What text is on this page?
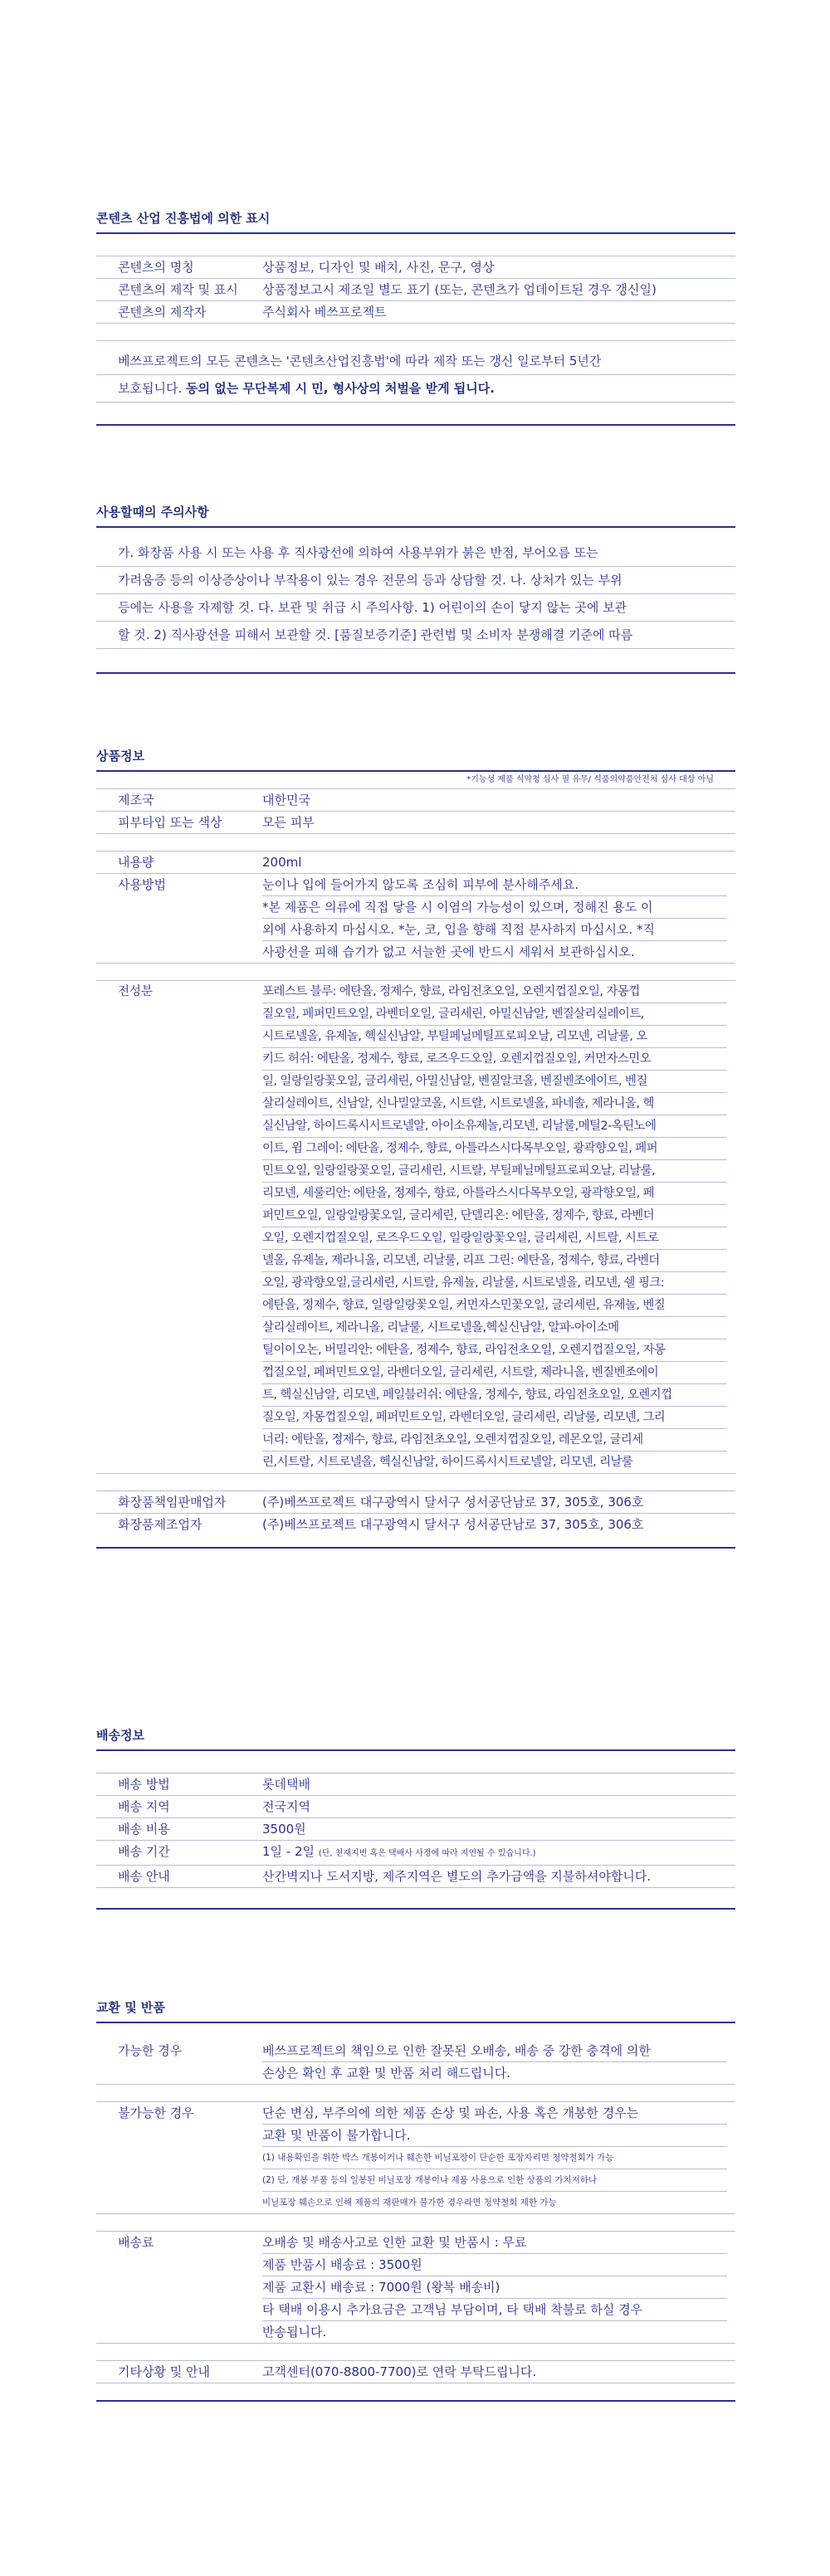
콘텐츠 산업 진흥법에 의한 표시
콘텐츠의 명칭	상품정보, 디자인 및 배치, 사진, 문구, 영상
콘텐츠의 제작 및 표시	상품정보고시 제조일 별도 표기 (또는, 콘텐츠가 업데이트된 경우 갱신일)
콘텐츠의 제작자	주식회사 베쓰프로젝트
베쓰프로젝트의 모든 콘텐츠는 '콘텐츠산업진흥법'에 따라 제작 또는 갱신 일로부터 5년간
보호됩니다. 동의 없는 무단복제 시 민, 형사상의 처벌을 받게 됩니다.
사용할때의 주의사항
가. 화장품 사용 시 또는 사용 후 직사광선에 의하여 사용부위가 붉은 반점, 부어오름 또는
가려움증 등의 이상증상이나 부작용이 있는 경우 전문의 등과 상담할 것. 나. 상처가 있는 부위
등에는 사용을 자제할 것. 다. 보관 및 취급 시 주의사항. 1) 어린이의 손이 닿지 않는 곳에 보관
할 것. 2) 직사광선을 피해서 보관할 것. [품질보증기준] 관련법 및 소비자 분쟁해결 기준에 따름
상품정보
*기능성 제품 식약청 심사 필 유무/ 식품의약품안전처 심사 대상 아님
제조국	대한민국
피부타입 또는 색상	모든 피부
내용량	200ml
사용방법	눈이나 입에 들어가지 않도록 조심히 피부에 분사해주세요.
*본 제품은 의류에 직접 닿을 시 이염의 가능성이 있으며, 정해진 용도 이
외에 사용하지 마십시오. *눈, 코, 입을 향해 직접 분사하지 마십시오. *직
사광선을 피해 습기가 없고 서늘한 곳에 반드시 세워서 보관하십시오.
전성분	포레스트 블루: 에탄올, 정제수, 향료, 라임전초오일, 오렌지껍질오일, 자몽껍
질오일, 페퍼민트오일, 라벤더오일, 글리세린, 아밀신남알, 벤질살리실레이트,
시트로넬올, 유제놀, 헥실신남알, 부틸페닐메틸프로피오날, 리모넨, 리날룰, 오
키드 허쉬: 에탄올, 정제수, 향료, 로즈우드오일, 오렌지껍질오일, 커먼자스민오
일, 일랑일랑꽃오일, 글리세린, 아밀신남알, 벤질알코올, 벤질벤조에이트, 벤질
살리실레이트, 신남알, 신나밀알코올, 시트랄, 시트로넬올, 파네솔, 제라니올, 헥
실신남알, 하이드록시시트로넬알, 아이소유제놀,리모넨, 리날룰,메틸2-옥틴노에
이트, 윔 그레이: 에탄올, 정제수, 향료, 아틀라스시다목부오일, 광곽향오일, 페퍼
민트오일, 일랑일랑꽃오일, 글리세린, 시트랄, 부틸페닐메틸프로피오날, 리날룰,
리모넨, 세룰리안: 에탄올, 정제수, 향료, 아틀라스시다목부오일, 광곽향오일, 페
퍼민트오일, 일랑일랑꽃오일, 글리세린, 단델리온: 에탄올, 정제수, 향료, 라벤더
오일, 오렌지껍질오일, 로즈우드오일, 일랑일랑꽃오일, 글리세린, 시트랄, 시트로
넬올, 유제놀, 제라니올, 리모넨, 리날룰, 리프 그린: 에탄올, 정제수, 향료, 라벤더
오일, 광곽향오일,글리세린, 시트랄, 유제놀, 리날룰, 시트로넬올, 리모넨, 쉘 핑크:
에탄올, 정제수, 향료, 일랑일랑꽃오일, 커먼자스민꽃오일, 글리세린, 유제놀, 벤질
살리실레이트, 제라니올, 리날룰, 시트로넬올,헥실신남알, 알파-아이소메
틸이이오논, 버밀리안: 에탄올, 정제수, 향료, 라임전초오일, 오렌지껍질오일, 자몽
껍질오일, 페퍼민트오일, 라벤더오일, 글리세린, 시트랄, 제라니올, 벤질벤조에이
트, 헥실신남알, 리모넨, 페일블러쉬: 에탄올, 정제수, 향료, 라임전초오일, 오렌지껍
질오일, 자몽껍질오일, 페퍼민트오일, 라벤더오일, 글리세린, 리날룰, 리모넨, 그리
너리: 에탄올, 정제수, 향료, 라임전초오일, 오렌지껍질오일, 레몬오일, 글리세
린,시트랄, 시트로넬올, 헥실신남알, 하이드록시시트로넬알, 리모넨, 리날룰
화장품책임판매업자	(주)베쓰프로젝트 대구광역시 달서구 성서공단남로 37, 305호, 306호
화장품제조업자	(주)베쓰프로젝트 대구광역시 달서구 성서공단남로 37, 305호, 306호
배송정보
배송 방법	롯데택배
배송 지역	전국지역
배송 비용	3500원
배송 기간	1일 - 2일 (단, 천재지변 혹은 택배사 사정에 따라 지연될 수 있습니다.)
배송 안내	산간벽지나 도서지방, 제주지역은 별도의 추가금액을 지불하셔야합니다.
교환 및 반품
가능한 경우	베쓰프로젝트의 책임으로 인한 잘못된 오배송, 배송 중 강한 충격에 의한
손상은 확인 후 교환 및 반품 처리 해드립니다.
불가능한 경우	단순 변심, 부주의에 의한 제품 손상 및 파손, 사용 혹은 개봉한 경우는
교환 및 반품이 불가합니다.
(1) 내용확인을 위한 박스 개봉이거나 훼손한 비닐포장이 단순한 포장자리면 청약철회가 가능
(2) 단, 개봉 부품 등의 일봉된 비닐포장 개봉이나 제품 사용으로 인한 상품의 가치저하나
비닐포장 훼손으로 인해 제품의 재판매가 불가한 경우라면 청약철회 제한 가능
배송료	오배송 및 배송사고로 인한 교환 및 반품시 : 무료
제품 반품시 배송료 : 3500원
제품 교환시 배송료 : 7000원 (왕복 배송비)
타 택배 이용시 추가요금은 고객님 부담이며, 타 택배 착불로 하실 경우
반송됩니다.
기타상황 및 안내	고객센터(070-8800-7700)로 연락 부탁드립니다.
